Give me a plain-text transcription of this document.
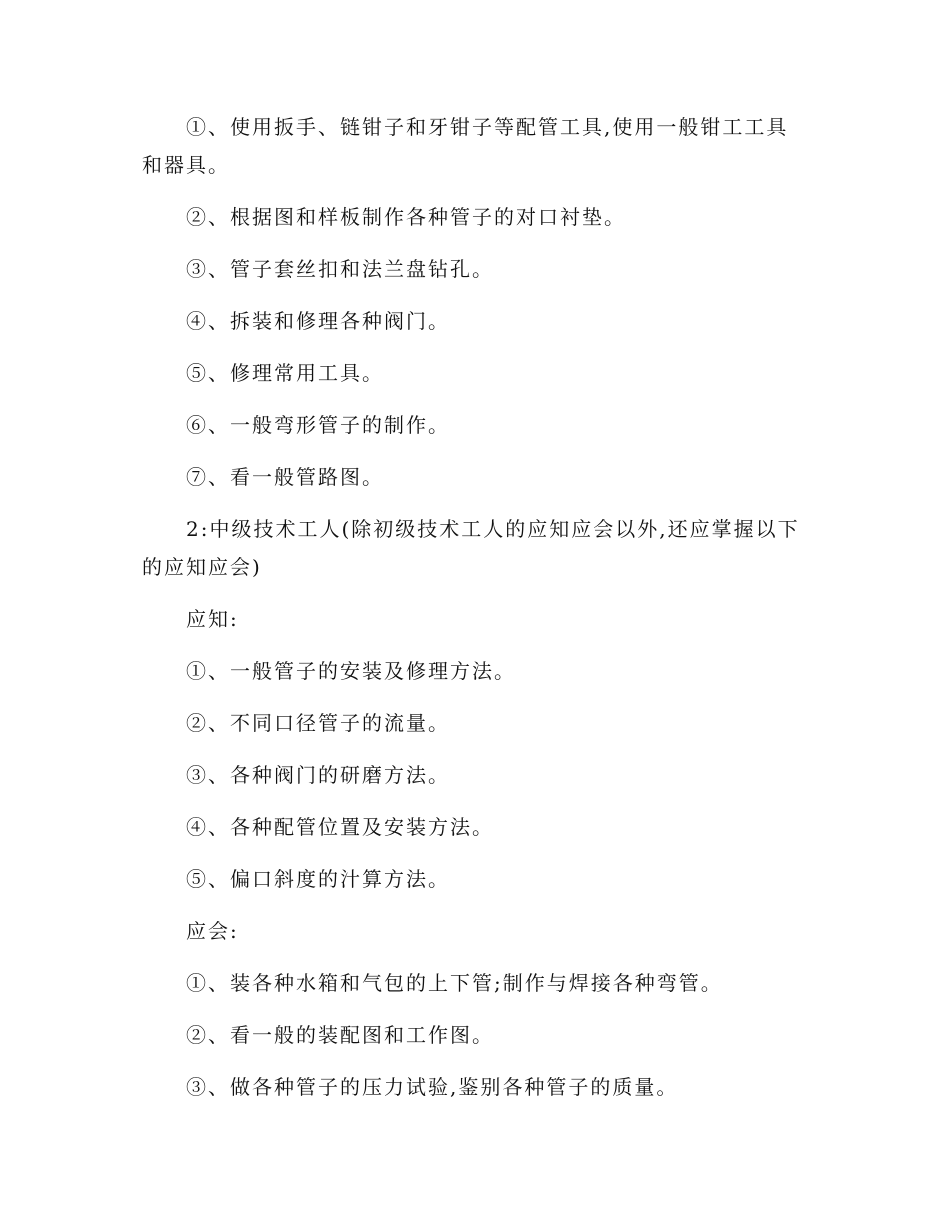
①、使用扳手、链钳子和牙钳子等配管工具,使用一般钳工工具和器具。

②、根据图和样板制作各种管子的对口衬垫。

③、管子套丝扣和法兰盘钻孔。

④、拆装和修理各种阀门。

⑤、修理常用工具。

⑥、一般弯形管子的制作。

⑦、看一般管路图。

2:中级技术工人(除初级技术工人的应知应会以外,还应掌握以下的应知应会)

应知:

①、一般管子的安装及修理方法。

②、不同口径管子的流量。

③、各种阀门的研磨方法。

④、各种配管位置及安装方法。

⑤、偏口斜度的汁算方法。

应会:

①、装各种水箱和气包的上下管;制作与焊接各种弯管。

②、看一般的装配图和工作图。

③、做各种管子的压力试验,鉴别各种管子的质量。
